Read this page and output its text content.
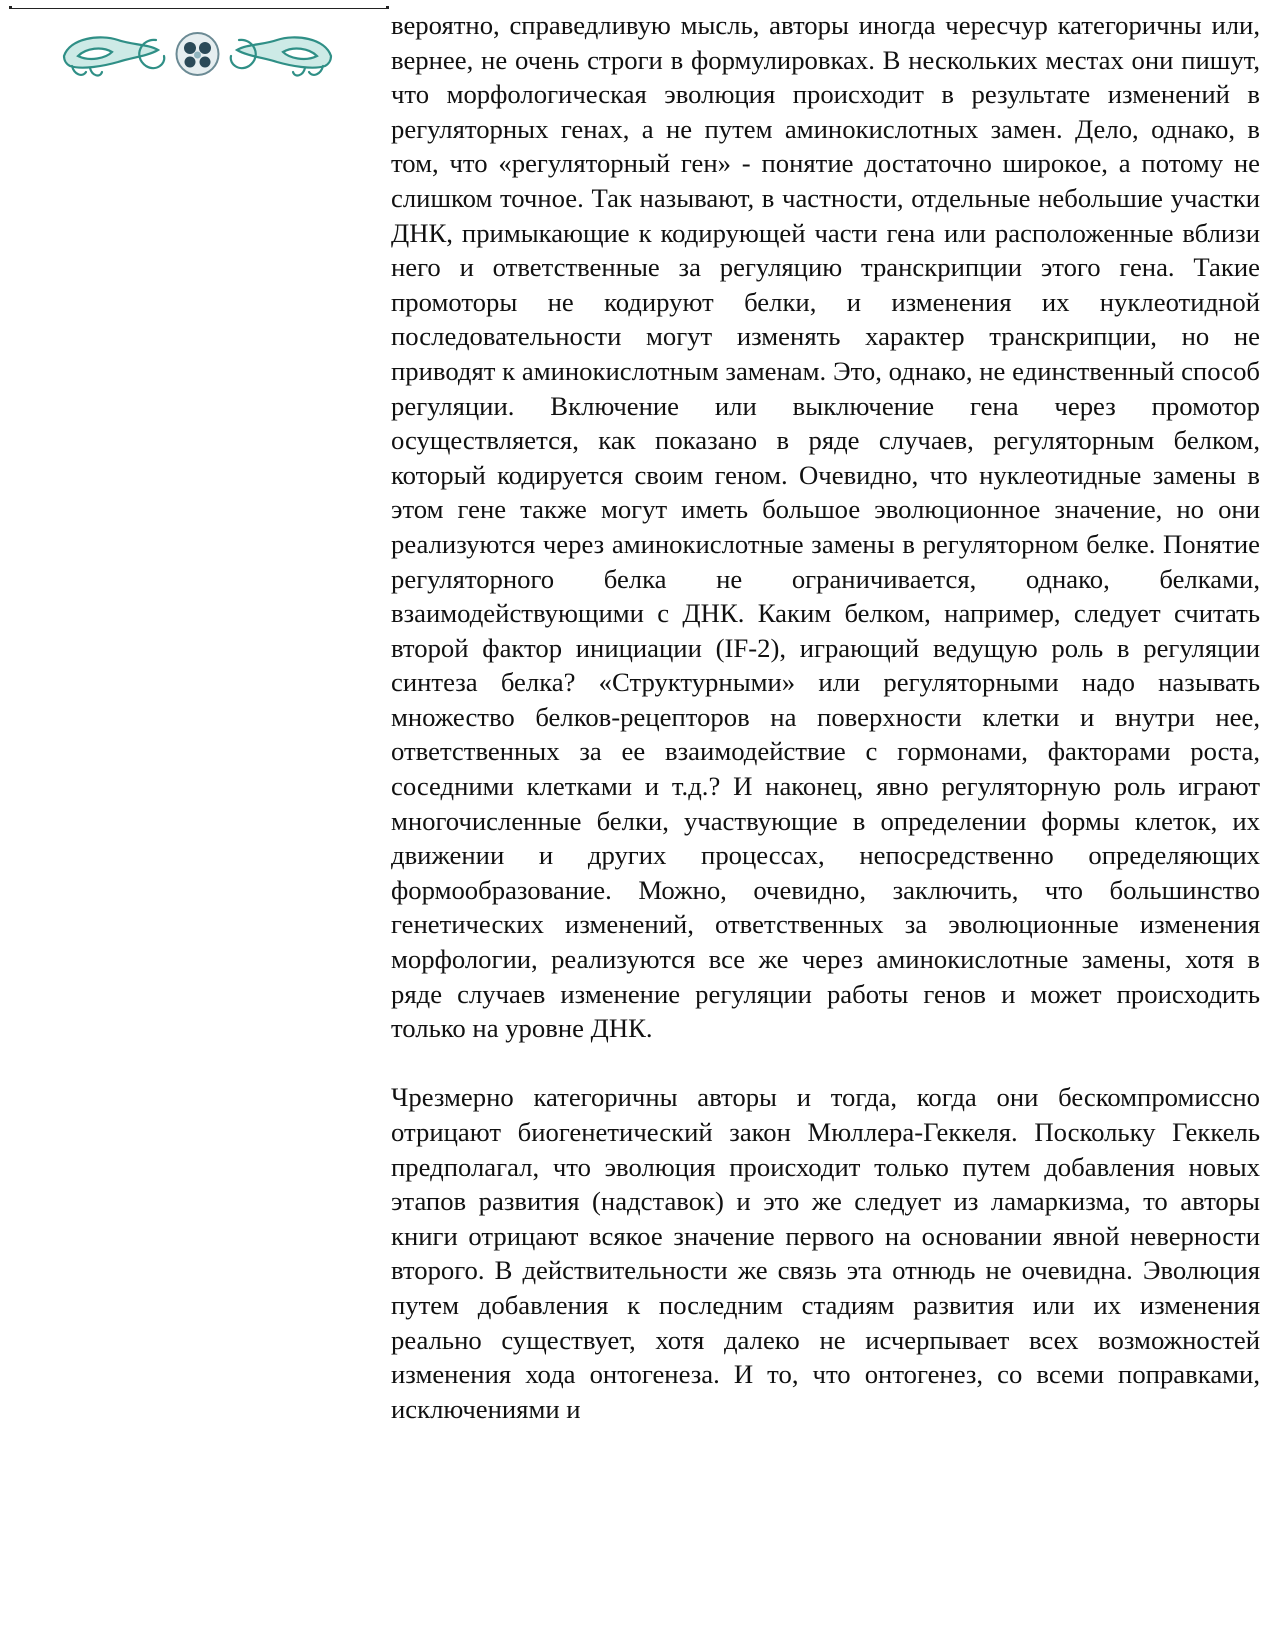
вероятно, справедливую мысль, авторы иногда чересчур категоричны или, вернее, не очень строги в формулировках. В нескольких местах они пишут, что морфологическая эволюция происходит в результате изменений в регуляторных генах, а не путем аминокислотных замен. Дело, однако, в том, что «регуляторный ген» - понятие достаточно широкое, а потому не слишком точное. Так называют, в частности, отдельные небольшие участки ДНК, примыкающие к кодирующей части гена или расположенные вблизи него и ответственные за регуляцию транскрипции этого гена. Такие промоторы не кодируют белки, и изменения их нуклеотидной последовательности могут изменять характер транскрипции, но не приводят к аминокислотным заменам. Это, однако, не единственный способ регуляции. Включение или выключение гена через промотор осуществляется, как показано в ряде случаев, регуляторным белком, который кодируется своим геном. Очевидно, что нуклеотидные замены в этом гене также могут иметь большое эволюционное значение, но они реализуются через аминокислотные замены в регуляторном белке. Понятие регуляторного белка не ограничивается, однако, белками, взаимодействующими с ДНК. Каким белком, например, следует считать второй фактор инициации (IF-2), играющий ведущую роль в регуляции синтеза белка? «Структурными» или регуляторными надо называть множество белков-рецепторов на поверхности клетки и внутри нее, ответственных за ее взаимодействие с гормонами, факторами роста, соседними клетками и т.д.? И наконец, явно регуляторную роль играют многочисленные белки, участвующие в определении формы клеток, их движении и других процессах, непосредственно определяющих формообразование. Можно, очевидно, заключить, что большинство генетических изменений, ответственных за эволюционные изменения морфологии, реализуются все же через аминокислотные замены, хотя в ряде случаев изменение регуляции работы генов и может происходить только на уровне ДНК.

Чрезмерно категоричны авторы и тогда, когда они бескомпромиссно отрицают биогенетический закон Мюллера-Геккеля. Поскольку Геккель предполагал, что эволюция происходит только путем добавления новых этапов развития (надставок) и это же следует из ламаркизма, то авторы книги отрицают всякое значение первого на основании явной неверности второго. В действительности же связь эта отнюдь не очевидна. Эволюция путем добавления к последним стадиям развития или их изменения реально существует, хотя далеко не исчерпывает всех возможностей изменения хода онтогенеза. И то, что онтогенез, со всеми поправками, исключениями и
